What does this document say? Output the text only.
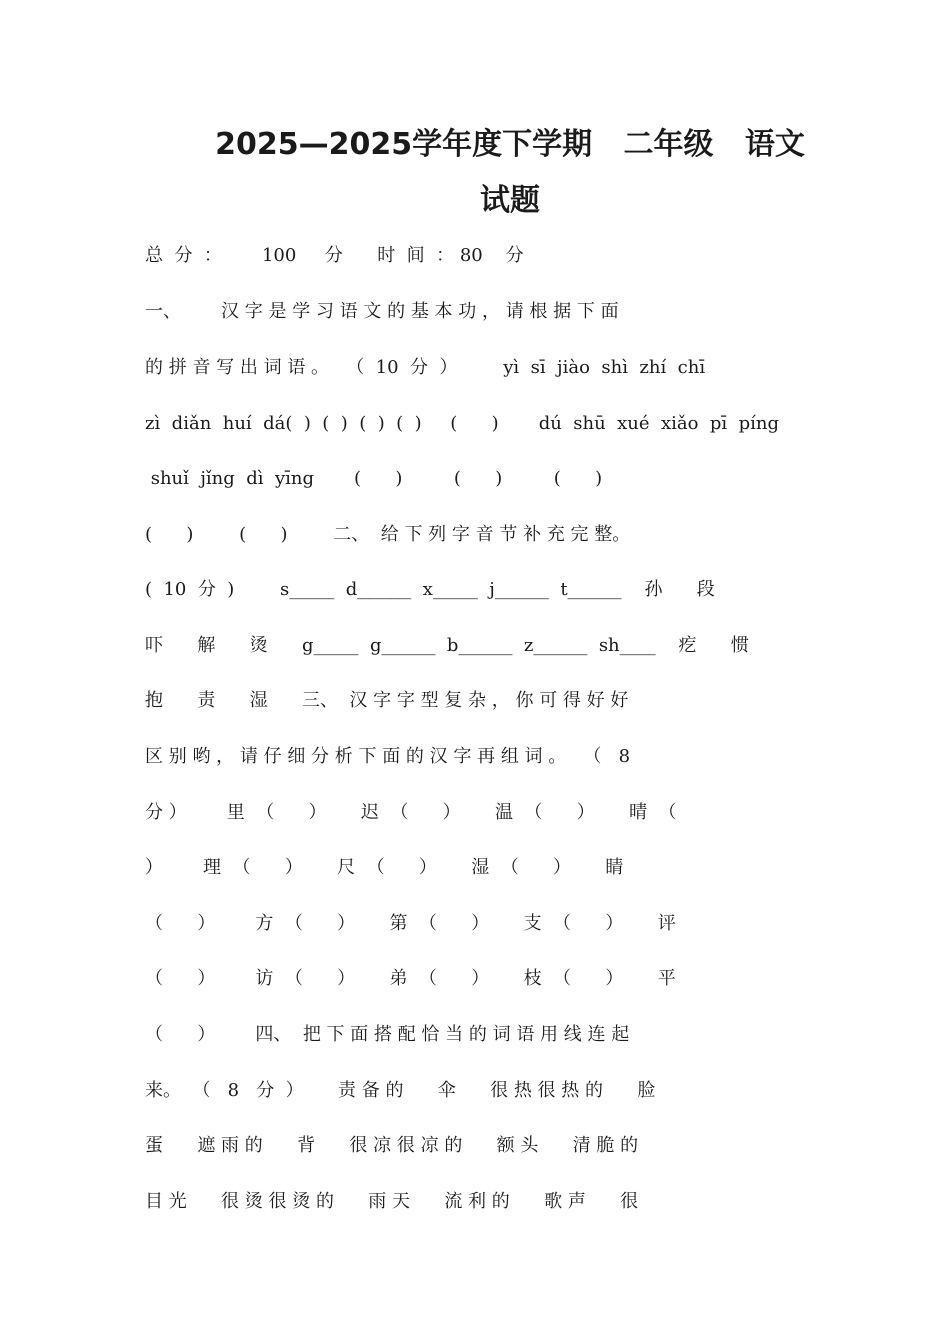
2025—2025学年度下学期   二年级   语文
试题
总  分  ：       100     分      时  间  ： 80    分
一、       汉 字 是 学 习 语 文 的 基 本 功 ， 请 根 据 下 面
的 拼 音 写 出 词 语 。   （  10  分  ）        yì  sī  jiào  shì  zhí  chī
zì  diǎn  huí  dá(  )  (  )  (  )  (  )     (      )       dú  shū  xué  xiǎo  pī  píng
shuǐ  jǐng  dì  yīng       (      )         (      )         (      )
(      )        (      )        二、  给 下 列 字 音 节 补 充 完 整。
(  10  分  )        s_____  d______  x_____  j______  t______    孙      段
吓      解      烫      g_____  g______  b______  z______  sh____    疙      惯
抱      责      湿      三、  汉 字 字 型 复 杂 ， 你 可 得 好 好
区 别 哟 ， 请 仔 细 分 析 下 面 的 汉 字 再 组 词 。   （   8
分 ）       里  （      ）      迟  （      ）      温  （      ）      晴  （
）       理  （      ）      尺  （      ）      湿  （      ）      睛
（      ）       方  （      ）      第  （      ）      支  （      ）      评
（      ）       访  （      ）      弟  （      ）      枝  （      ）      平
（      ）       四、  把 下 面 搭 配 恰 当 的 词 语 用 线 连 起
来。  （   8   分  ）      责 备 的      伞      很 热 很 热 的      脸
蛋      遮 雨 的      背      很 凉 很 凉 的      额 头      清 脆 的
目 光      很 烫 很 烫 的      雨 天      流 利 的      歌 声      很
